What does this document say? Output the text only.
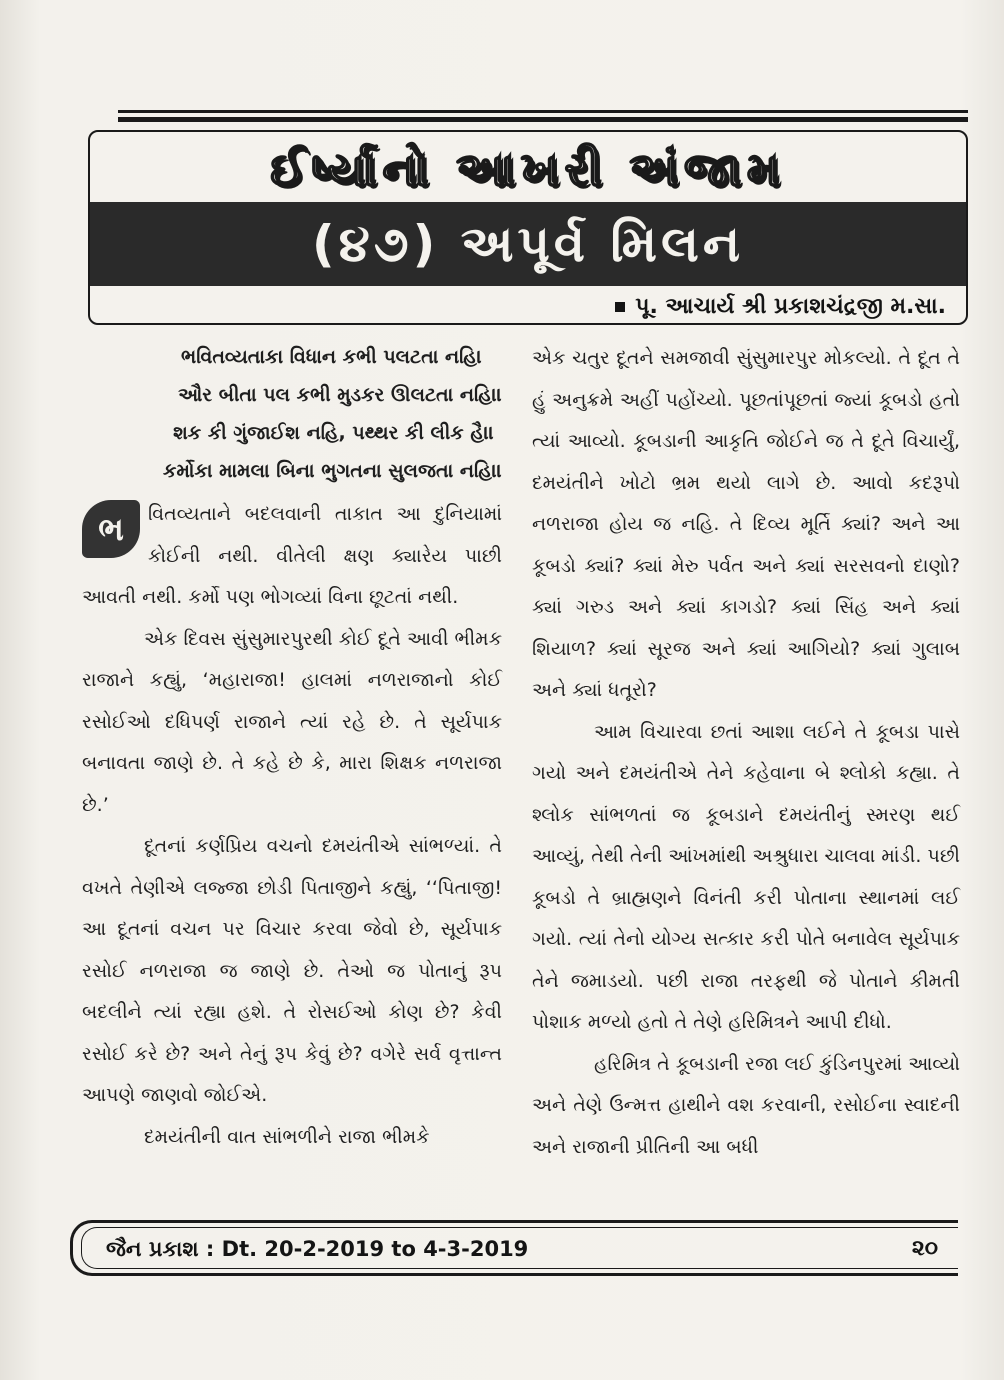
ઈર્ષ્યાનો આખરી અંજામ
(૪૭) અપૂર્વ મિલન
પૂ. આચાર્ય શ્રી પ્રકાશચંદ્રજી મ.સા.

ભવિતવ્યતાકા વિધાન કભી પલટતા નહિ।

ઔર બીતા પલ કભી મુડકર ઊલટતા નહિ।।

શક કી ગુંજાઈશ નહિ, પથ્થર કી લીક હૈ।।

કર્મોકા મામલા બિના ભુગતના સુલજતા નહિ।।

ભ	વિતવ્યતાને બદલવાની તાકાત આ દુનિયામાં કોઈની નથી. વીતેલી ક્ષણ ક્યારેય પાછી આવતી નથી. કર્મો પણ ભોગવ્યાં વિના છૂટતાં નથી.

એક દિવસ સુંસુમારપુરથી કોઈ દૂતે આવી ભીમક રાજાને કહ્યું, ‘મહારાજા! હાલમાં નળરાજાનો કોઈ રસોઈઓ દધિપર્ણ રાજાને ત્યાં રહે છે. તે સૂર્યપાક બનાવતા જાણે છે. તે કહે છે કે, મારા શિક્ષક નળરાજા છે.’

દૂતનાં કર્ણપ્રિય વચનો દમયંતીએ સાંભળ્યાં. તે વખતે તેણીએ લજ્જા છોડી પિતાજીને કહ્યું, ‘‘પિતાજી! આ દૂતનાં વચન પર વિચાર કરવા જેવો છે, સૂર્યપાક રસોઈ નળરાજા જ જાણે છે. તેઓ જ પોતાનું રૂપ બદલીને ત્યાં રહ્યા હશે. તે રોસઈઓ કોણ છે? કેવી રસોઈ કરે છે? અને તેનું રૂપ કેવું છે? વગેરે સર્વ વૃત્તાન્ત આપણે જાણવો જોઈએ.

દમયંતીની વાત સાંભળીને રાજા ભીમકે

એક ચતુર દૂતને સમજાવી સુંસુમારપુર મોકલ્યો. તે દૂત તે હું અનુક્રમે અહીં પહોંચ્યો. પૂછતાંપૂછતાં જ્યાં કૂબડો હતો ત્યાં આવ્યો. કૂબડાની આકૃતિ જોઈને જ તે દૂતે વિચાર્યું, દમયંતીને ખોટો ભ્રમ થયો લાગે છે. આવો કદરૂપો નળરાજા હોય જ નહિ. તે દિવ્ય મૂર્તિ ક્યાં? અને આ કૂબડો ક્યાં? ક્યાં મેરુ પર્વત અને ક્યાં સરસવનો દાણો? ક્યાં ગરુડ અને ક્યાં કાગડો? ક્યાં સિંહ અને ક્યાં શિયાળ? ક્યાં સૂરજ અને ક્યાં આગિયો? ક્યાં ગુલાબ અને ક્યાં ધતૂરો?

આમ વિચારવા છતાં આશા લઈને તે કૂબડા પાસે ગયો અને દમયંતીએ તેને કહેવાના બે શ્લોકો કહ્યા. તે શ્લોક સાંભળતાં જ કૂબડાને દમયંતીનું સ્મરણ થઈ આવ્યું, તેથી તેની આંખમાંથી અશ્રુધારા ચાલવા માંડી. પછી કૂબડો તે બ્રાહ્મણને વિનંતી કરી પોતાના સ્થાનમાં લઈ ગયો. ત્યાં તેનો યોગ્ય સત્કાર કરી પોતે બનાવેલ સૂર્યપાક તેને જમાડયો. પછી રાજા તરફથી જે પોતાને કીમતી પોશાક મળ્યો હતો તે તેણે હરિમિત્રને આપી દીધો.

હરિમિત્ર તે કૂબડાની રજા લઈ કુંડિનપુરમાં આવ્યો અને તેણે ઉન્મત્ત હાથીને વશ કરવાની, રસોઈના સ્વાદની અને રાજાની પ્રીતિની આ બધી

જૈન પ્રકાશ : Dt. 20-2-2019 to 4-3-2019	૨૦
